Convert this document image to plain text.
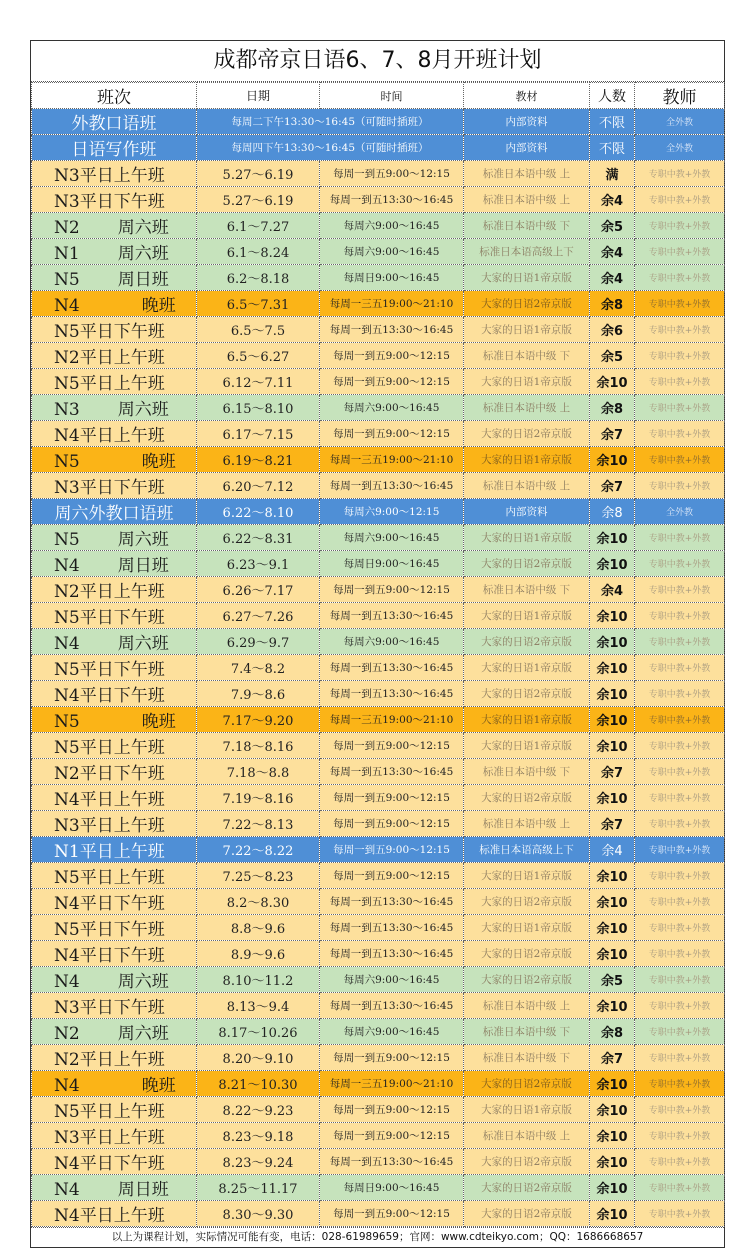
成都帝京日语6、7、8月开班计划
班次	日期	时间	教材	人数	教师
外教口语班	每周二下午13:30～16:45（可随时插班）		内部资料	不限	全外教
日语写作班	每周四下午13:30～16:45（可随时插班）		内部资料	不限	全外教
N3平日上午班	5.27～6.19	每周一到五9:00～12:15	标准日本语中级 上	满	专职中教+外教
N3平日下午班	5.27～6.19	每周一到五13:30～16:45	标准日本语中级 上	余4	专职中教+外教
N2 周六班	6.1～7.27	每周六9:00～16:45	标准日本语中级 下	余5	专职中教+外教
N1 周六班	6.1～8.24	每周六9:00～16:45	标准日本语高级上下	余4	专职中教+外教
N5 周日班	6.2～8.18	每周日9:00～16:45	大家的日语1帝京版	余4	专职中教+外教
N4 晚班	6.5～7.31	每周一三五19:00～21:10	大家的日语2帝京版	余8	专职中教+外教
N5平日下午班	6.5～7.5	每周一到五13:30～16:45	大家的日语1帝京版	余6	专职中教+外教
N2平日上午班	6.5～6.27	每周一到五9:00～12:15	标准日本语中级 下	余5	专职中教+外教
N5平日上午班	6.12～7.11	每周一到五9:00～12:15	大家的日语1帝京版	余10	专职中教+外教
N3 周六班	6.15～8.10	每周六9:00～16:45	标准日本语中级 上	余8	专职中教+外教
N4平日上午班	6.17～7.15	每周一到五9:00～12:15	大家的日语2帝京版	余7	专职中教+外教
N5 晚班	6.19～8.21	每周一三五19:00～21:10	大家的日语1帝京版	余10	专职中教+外教
N3平日下午班	6.20～7.12	每周一到五13:30～16:45	标准日本语中级 上	余7	专职中教+外教
周六外教口语班	6.22～8.10	每周六9:00～12:15	内部资料	余8	全外教
N5 周六班	6.22～8.31	每周六9:00～16:45	大家的日语1帝京版	余10	专职中教+外教
N4 周日班	6.23～9.1	每周日9:00～16:45	大家的日语2帝京版	余10	专职中教+外教
N2平日上午班	6.26～7.17	每周一到五9:00～12:15	标准日本语中级 下	余4	专职中教+外教
N5平日下午班	6.27～7.26	每周一到五13:30～16:45	大家的日语1帝京版	余10	专职中教+外教
N4 周六班	6.29～9.7	每周六9:00～16:45	大家的日语2帝京版	余10	专职中教+外教
N5平日下午班	7.4～8.2	每周一到五13:30～16:45	大家的日语1帝京版	余10	专职中教+外教
N4平日下午班	7.9～8.6	每周一到五13:30～16:45	大家的日语2帝京版	余10	专职中教+外教
N5 晚班	7.17～9.20	每周一三五19:00～21:10	大家的日语1帝京版	余10	专职中教+外教
N5平日上午班	7.18～8.16	每周一到五9:00～12:15	大家的日语1帝京版	余10	专职中教+外教
N2平日下午班	7.18～8.8	每周一到五13:30～16:45	标准日本语中级 下	余7	专职中教+外教
N4平日上午班	7.19～8.16	每周一到五9:00～12:15	大家的日语2帝京版	余10	专职中教+外教
N3平日上午班	7.22～8.13	每周一到五9:00～12:15	标准日本语中级 上	余7	专职中教+外教
N1平日上午班	7.22～8.22	每周一到五9:00～12:15	标准日本语高级上下	余4	专职中教+外教
N5平日上午班	7.25～8.23	每周一到五9:00～12:15	大家的日语1帝京版	余10	专职中教+外教
N4平日下午班	8.2～8.30	每周一到五13:30～16:45	大家的日语2帝京版	余10	专职中教+外教
N5平日下午班	8.8～9.6	每周一到五13:30～16:45	大家的日语1帝京版	余10	专职中教+外教
N4平日下午班	8.9～9.6	每周一到五13:30～16:45	大家的日语2帝京版	余10	专职中教+外教
N4 周六班	8.10～11.2	每周六9:00～16:45	大家的日语2帝京版	余5	专职中教+外教
N3平日下午班	8.13～9.4	每周一到五13:30～16:45	标准日本语中级 上	余10	专职中教+外教
N2 周六班	8.17～10.26	每周六9:00～16:45	标准日本语中级 下	余8	专职中教+外教
N2平日上午班	8.20～9.10	每周一到五9:00～12:15	标准日本语中级 下	余7	专职中教+外教
N4 晚班	8.21～10.30	每周一三五19:00～21:10	大家的日语2帝京版	余10	专职中教+外教
N5平日上午班	8.22～9.23	每周一到五9:00～12:15	大家的日语1帝京版	余10	专职中教+外教
N3平日上午班	8.23～9.18	每周一到五9:00～12:15	标准日本语中级 上	余10	专职中教+外教
N4平日下午班	8.23～9.24	每周一到五13:30～16:45	大家的日语2帝京版	余10	专职中教+外教
N4 周日班	8.25～11.17	每周日9:00～16:45	大家的日语2帝京版	余10	专职中教+外教
N4平日上午班	8.30～9.30	每周一到五9:00～12:15	大家的日语2帝京版	余10	专职中教+外教
以上为课程计划，实际情况可能有变，电话：028-61989659；官网：www.cdteikyo.com；QQ：1686668657
